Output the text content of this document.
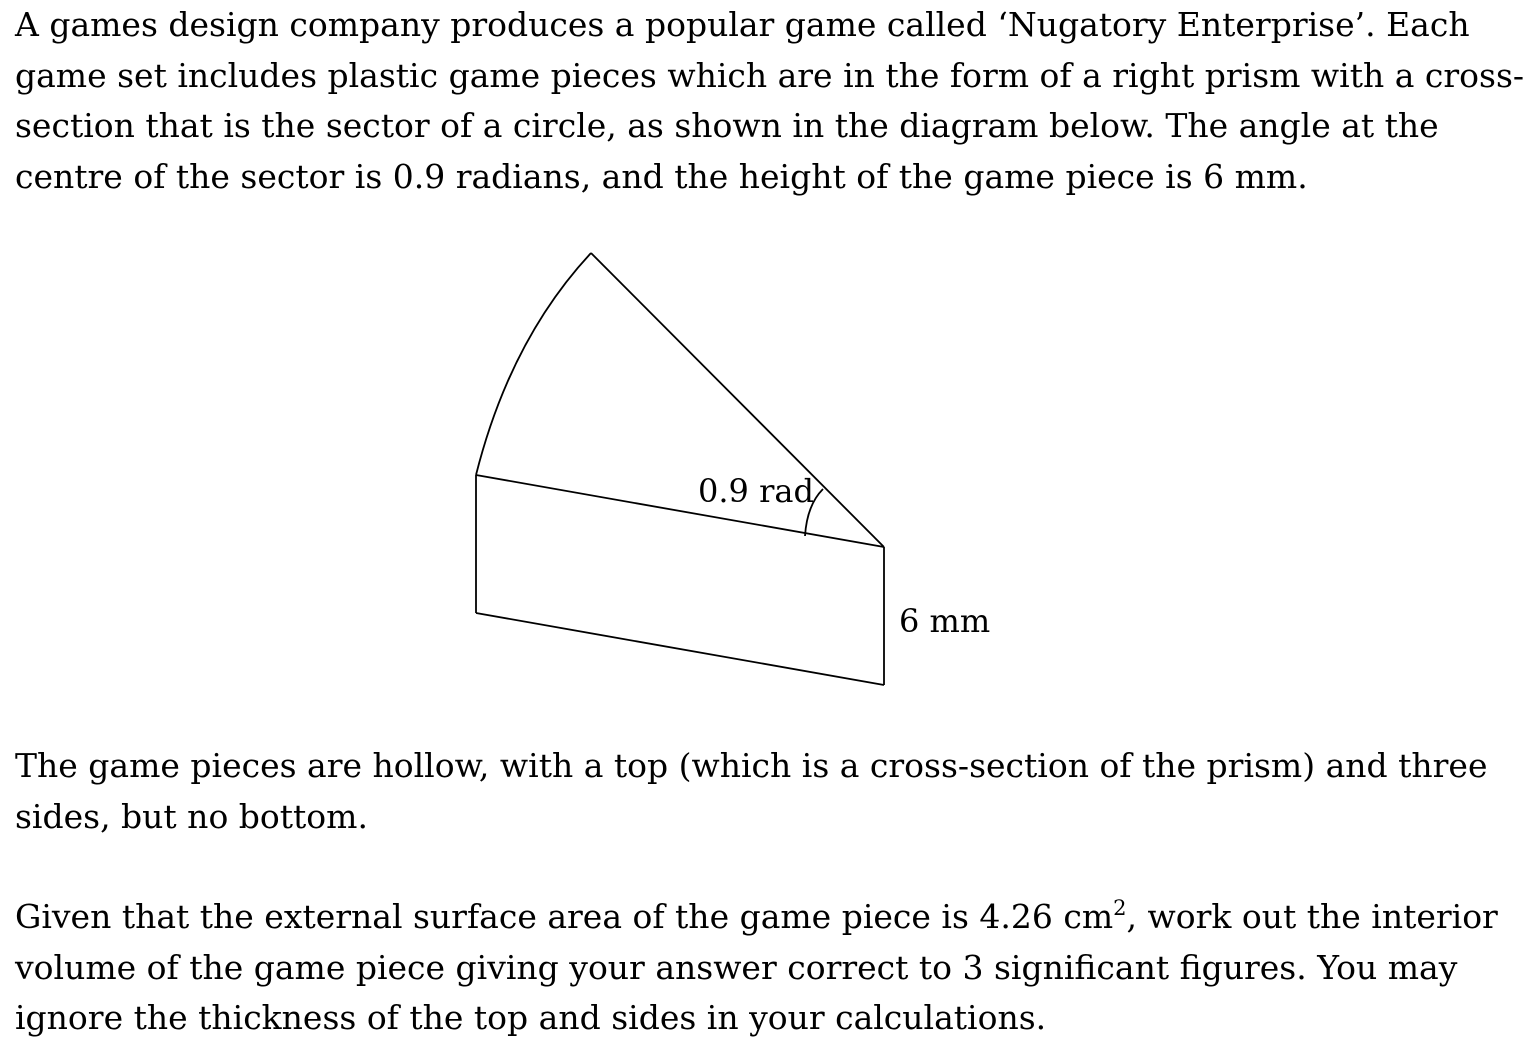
A games design company produces a popular game called ‘Nugatory Enterprise’. Each
game set includes plastic game pieces which are in the form of a right prism with a cross-
section that is the sector of a circle, as shown in the diagram below. The angle at the
centre of the sector is 0.9 radians, and the height of the game piece is 6 mm.
0.9 rad
6 mm
The game pieces are hollow, with a top (which is a cross-section of the prism) and three
sides, but no bottom.
Given that the external surface area of the game piece is 4.26 $cm^2$, work out the interior
volume of the game piece giving your answer correct to 3 significant figures. You may
ignore the thickness of the top and sides in your calculations.
